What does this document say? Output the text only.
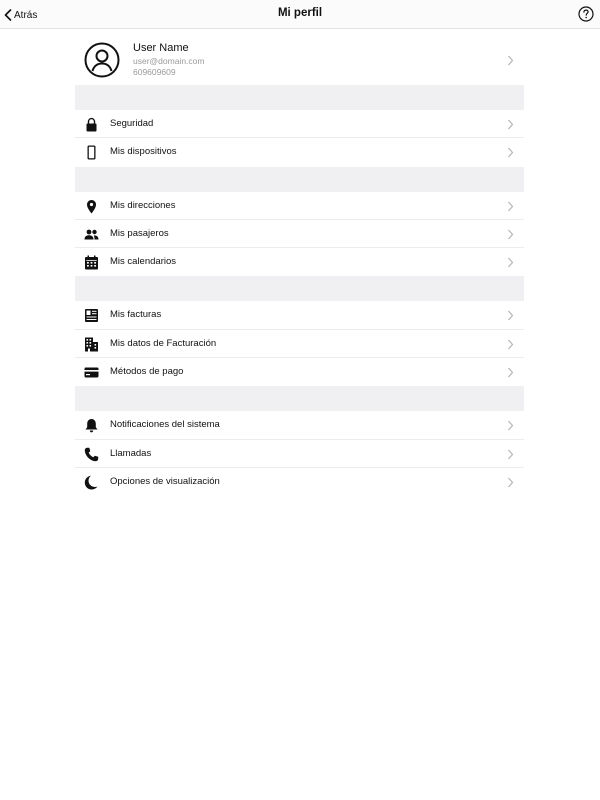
Atrás	Mi perfil
User Name
user@domain.com
609609609
Seguridad
Mis dispositivos
Mis direcciones
Mis pasajeros
Mis calendarios
Mis facturas
Mis datos de Facturación
Métodos de pago
Notificaciones del sistema
Llamadas
Opciones de visualización
